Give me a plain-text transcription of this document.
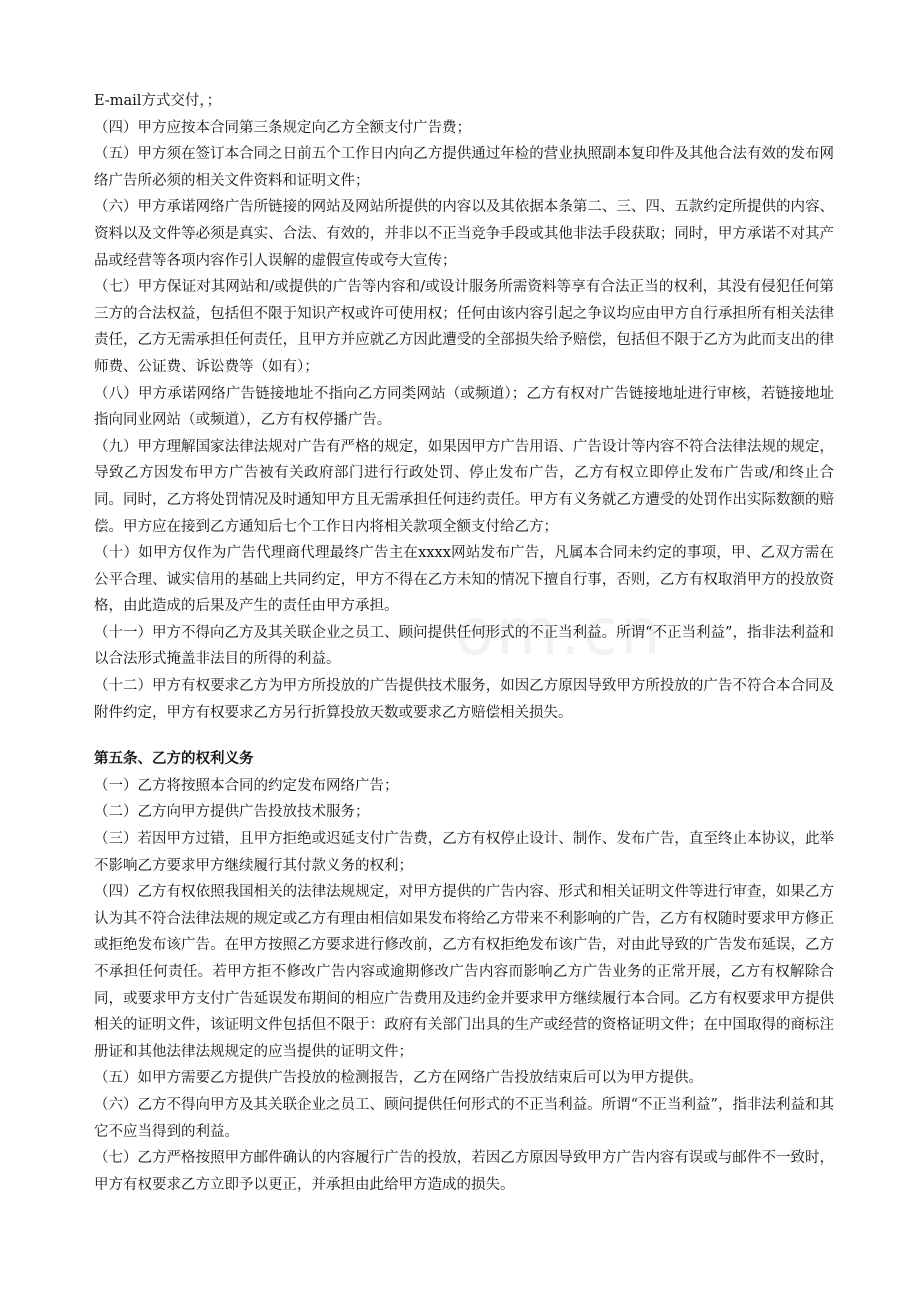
om.cn

E-mail方式交付，；

（四）甲方应按本合同第三条规定向乙方全额支付广告费；

（五）甲方须在签订本合同之日前五个工作日内向乙方提供通过年检的营业执照副本复印件及其他合法有效的发布网络广告所必须的相关文件资料和证明文件；

（六）甲方承诺网络广告所链接的网站及网站所提供的内容以及其依据本条第二、三、四、五款约定所提供的内容、资料以及文件等必须是真实、合法、有效的，并非以不正当竞争手段或其他非法手段获取；同时，甲方承诺不对其产品或经营等各项内容作引人误解的虚假宣传或夸大宣传；

（七）甲方保证对其网站和/或提供的广告等内容和/或设计服务所需资料等享有合法正当的权利，其没有侵犯任何第三方的合法权益，包括但不限于知识产权或许可使用权；任何由该内容引起之争议均应由甲方自行承担所有相关法律责任，乙方无需承担任何责任，且甲方并应就乙方因此遭受的全部损失给予赔偿，包括但不限于乙方为此而支出的律师费、公证费、诉讼费等（如有）；

（八）甲方承诺网络广告链接地址不指向乙方同类网站（或频道）；乙方有权对广告链接地址进行审核，若链接地址指向同业网站（或频道），乙方有权停播广告。

（九）甲方理解国家法律法规对广告有严格的规定，如果因甲方广告用语、广告设计等内容不符合法律法规的规定，导致乙方因发布甲方广告被有关政府部门进行行政处罚、停止发布广告，乙方有权立即停止发布广告或/和终止合同。同时，乙方将处罚情况及时通知甲方且无需承担任何违约责任。甲方有义务就乙方遭受的处罚作出实际数额的赔偿。甲方应在接到乙方通知后七个工作日内将相关款项全额支付给乙方；

（十）如甲方仅作为广告代理商代理最终广告主在xxxx网站发布广告，凡属本合同未约定的事项，甲、乙双方需在公平合理、诚实信用的基础上共同约定，甲方不得在乙方未知的情况下擅自行事，否则，乙方有权取消甲方的投放资格，由此造成的后果及产生的责任由甲方承担。

（十一）甲方不得向乙方及其关联企业之员工、顾问提供任何形式的不正当利益。所谓“不正当利益”，指非法利益和以合法形式掩盖非法目的所得的利益。

（十二）甲方有权要求乙方为甲方所投放的广告提供技术服务，如因乙方原因导致甲方所投放的广告不符合本合同及附件约定，甲方有权要求乙方另行折算投放天数或要求乙方赔偿相关损失。

第五条、乙方的权利义务

（一）乙方将按照本合同的约定发布网络广告；

（二）乙方向甲方提供广告投放技术服务；

（三）若因甲方过错，且甲方拒绝或迟延支付广告费，乙方有权停止设计、制作、发布广告，直至终止本协议，此举不影响乙方要求甲方继续履行其付款义务的权利；

（四）乙方有权依照我国相关的法律法规规定，对甲方提供的广告内容、形式和相关证明文件等进行审查，如果乙方认为其不符合法律法规的规定或乙方有理由相信如果发布将给乙方带来不利影响的广告，乙方有权随时要求甲方修正或拒绝发布该广告。在甲方按照乙方要求进行修改前，乙方有权拒绝发布该广告，对由此导致的广告发布延误，乙方不承担任何责任。若甲方拒不修改广告内容或逾期修改广告内容而影响乙方广告业务的正常开展，乙方有权解除合同，或要求甲方支付广告延误发布期间的相应广告费用及违约金并要求甲方继续履行本合同。乙方有权要求甲方提供相关的证明文件，该证明文件包括但不限于：政府有关部门出具的生产或经营的资格证明文件；在中国取得的商标注册证和其他法律法规规定的应当提供的证明文件；

（五）如甲方需要乙方提供广告投放的检测报告，乙方在网络广告投放结束后可以为甲方提供。

（六）乙方不得向甲方及其关联企业之员工、顾问提供任何形式的不正当利益。所谓“不正当利益”，指非法利益和其它不应当得到的利益。

（七）乙方严格按照甲方邮件确认的内容履行广告的投放，若因乙方原因导致甲方广告内容有误或与邮件不一致时，甲方有权要求乙方立即予以更正，并承担由此给甲方造成的损失。
